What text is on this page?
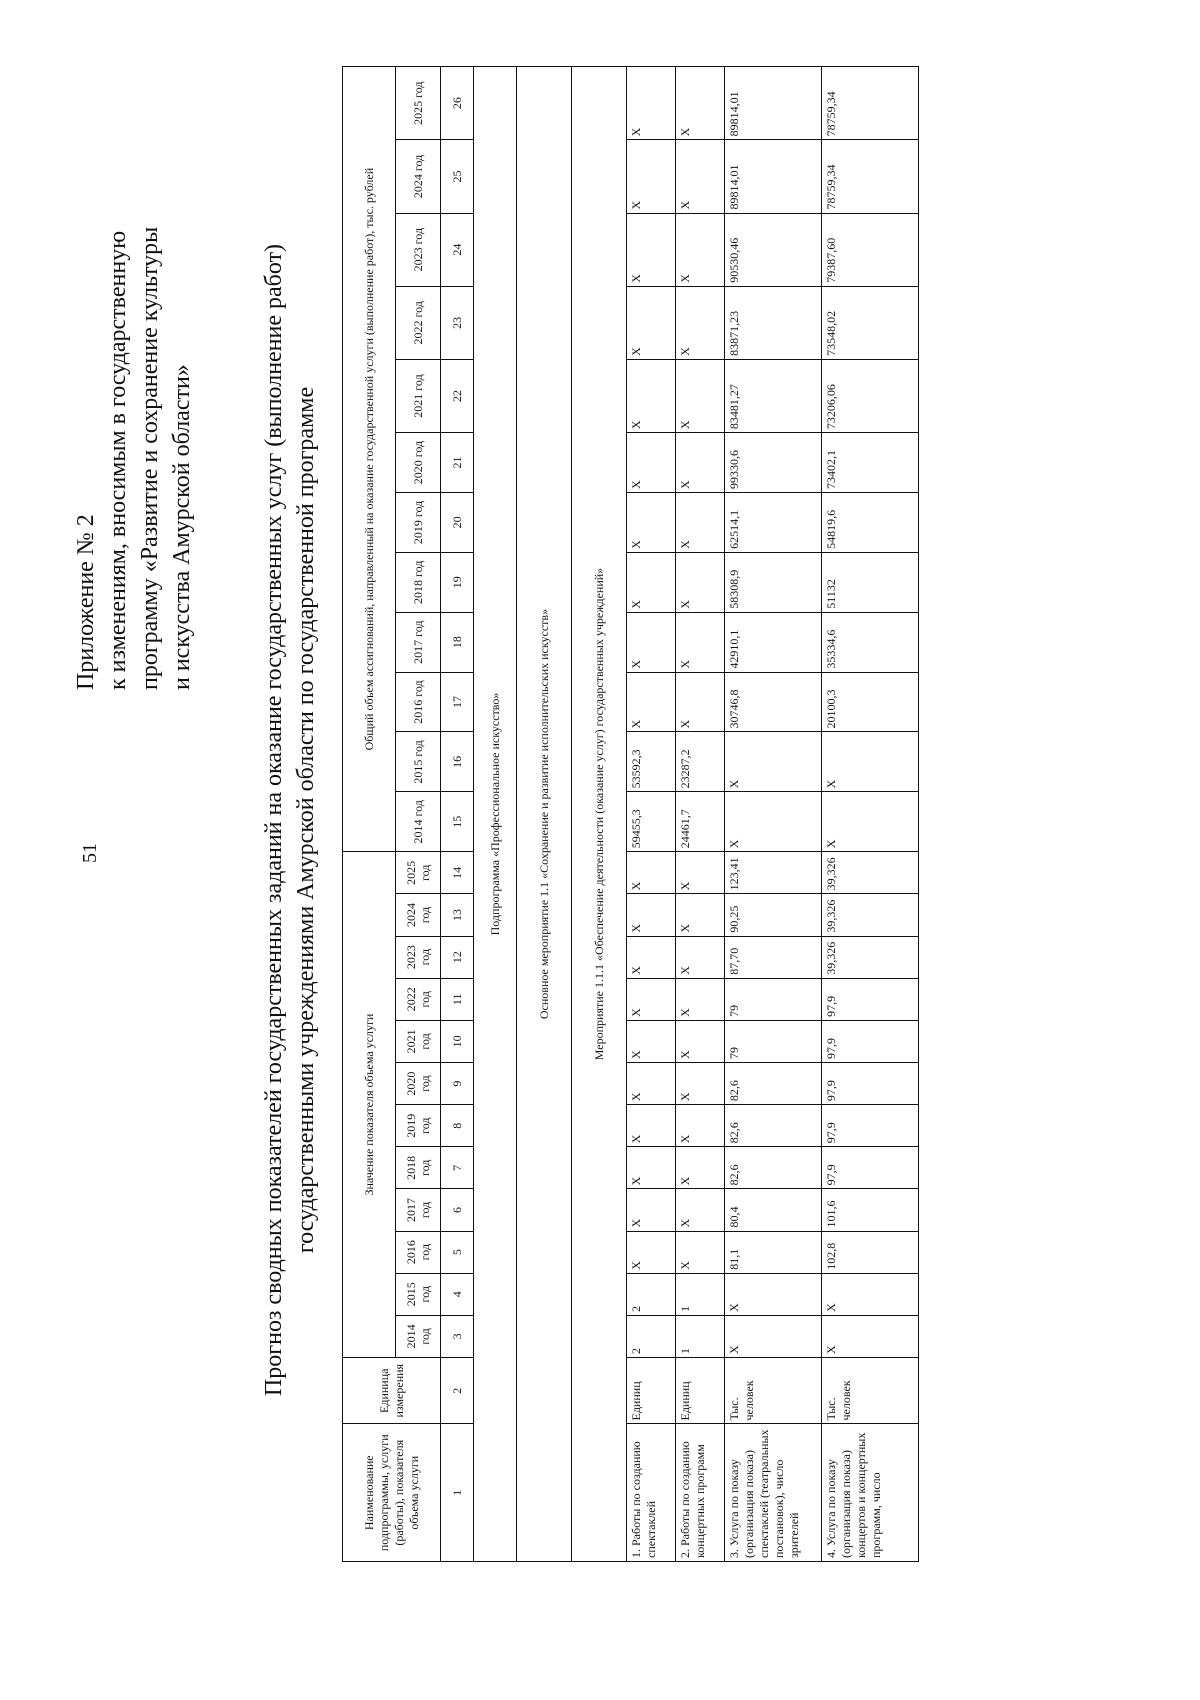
51
Приложение № 2 к изменениям, вносимым в государственную программу «Развитие и сохранение культуры и искусства Амурской области»	Прогноз сводных показателей государственных заданий на оказание государственных услуг (выполнение работ) государственными учреждениями Амурской области по государственной программе
Наименование подпрограммы, услуги (работы), показателя объема услуги	Единица измерения	Значение показателя объема услуги												Общий объем ассигнований, направленный на оказание государственной услуги (выполнение работ), тыс. рублей											
		2014 год	2015 год	2016 год	2017 год	2018 год	2019 год	2020 год	2021 год	2022 год	2023 год	2024 год	2025 год	2014 год	2015 год	2016 год	2017 год	2018 год	2019 год	2020 год	2021 год	2022 год	2023 год	2024 год	2025 год
1	2	3	4	5	6	7	8	9	10	11	12	13	14	15	16	17	18	19	20	21	22	23	24	25	26
Подпрограмма «Профессиональное искусство»																									
Основное мероприятие 1.1 «Сохранение и развитие исполнительских искусств»																									
Мероприятие 1.1.1 «Обеспечение деятельности (оказание услуг) государственных учреждений»																									
1. Работы по созданию спектаклей	Единиц	2	2	Х	Х	Х	Х	Х	Х	Х	Х	Х	Х	59455,3	53592,3	Х	Х	Х	Х	Х	Х	Х	Х	Х	Х
2. Работы по созданию концертных программ	Единиц	1	1	Х	Х	Х	Х	Х	Х	Х	Х	Х	Х	24461,7	23287,2	Х	Х	Х	Х	Х	Х	Х	Х	Х	Х
3. Услуга по показу (организация показа) спектаклей (театральных постановок), число зрителей	Тыс. человек	Х	Х	81,1	80,4	82,6	82,6	82,6	79	79	87,70	90,25	123,41	Х	Х	30746,8	42910,1	58308,9	62514,1	99330,6	83481,27	83871,23	90530,46	89814,01	89814,01
4. Услуга по показу (организация показа) концертов и концертных программ, число	Тыс. человек	Х	Х	102,8	101,6	97,9	97,9	97,9	97,9	97,9	39,326	39,326	39,326	Х	Х	20100,3	35334,6	51132	54819,6	73402,1	73206,06	73548,02	79387,60	78759,34	78759,34
